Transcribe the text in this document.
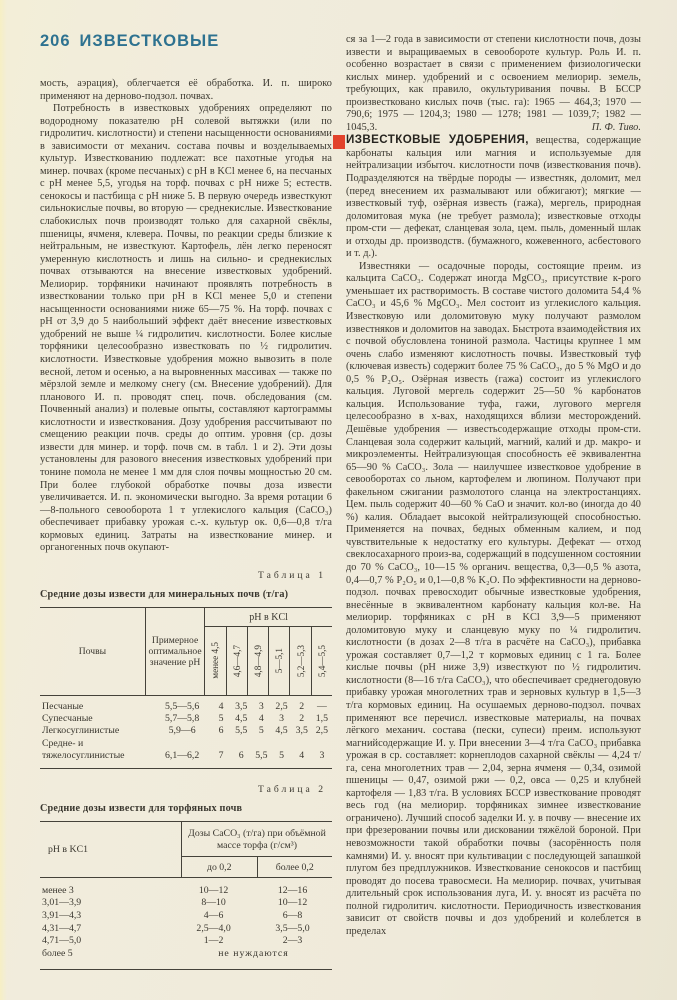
206 ИЗВЕСТКОВЫЕ

мость, аэрация), облегчается её обработка. И. п. широко применяют на дерново-подзол. почвах.

Потребность в известковых удобрениях определяют по водородному показателю pH солевой вытяжки (или по гидролитич. кислотности) и степени насыщенности основаниями в зависимости от механич. состава почвы и возделываемых культур. Известкованию подлежат: все пахотные угодья на минер. почвах (кроме песчаных) с pH в KCl менее 6, на песчаных с pH менее 5,5, угодья на торф. почвах с pH ниже 5; естеств. сенокосы и пастбища с pH ниже 5. В первую очередь известкуют сильнокислые почвы, во вторую — среднекислые. Известкование слабокислых почв производят только для сахарной свёклы, пшеницы, ячменя, клевера. Почвы, по реакции среды близкие к нейтральным, не известкуют. Картофель, лён легко переносят умеренную кислотность и лишь на сильно- и среднекислых почвах отзываются на внесение известковых удобрений. Мелиорир. торфяники начинают проявлять потребность в известковании только при pH в KCl менее 5,0 и степени насыщенности основаниями ниже 65—75 %. На торф. почвах с pH от 3,9 до 5 наибольший эффект даёт внесение известковых удобрений не выше ¼ гидролитич. кислотности. Более кислые торфяники целесообразно известковать по ½ гидролитич. кислотности. Известковые удобрения можно вывозить в поле весной, летом и осенью, а на выровненных массивах — также по мёрзлой земле и мелкому снегу (см. Внесение удобрений). Для планового И. п. проводят спец. почв. обследования (см. Почвенный анализ) и полевые опыты, составляют картограммы кислотности и известкования. Дозу удобрения рассчитывают по смещению реакции почв. среды до оптим. уровня (ср. дозы извести для минер. и торф. почв см. в табл. 1 и 2). Эти дозы установлены для разового внесения известковых удобрений при тонине помола не менее 1 мм для слоя почвы мощностью 20 см. При более глубокой обработке почвы доза извести увеличивается. И. п. экономически выгодно. За время ротации 6—8-польного севооборота 1 т углекислого кальция (CaCO₃) обеспечивает прибавку урожая с.-х. культур ок. 0,6—0,8 т/га кормовых единиц. Затраты на известкование минер. и органогенных почв окупают-

Таблица 1
Средние дозы извести для минеральных почв (т/га)
Почвы
Примерное оптимальное значение pH
pH в KCl
менее 4,5 4,6—4,7 4,8—4,9 5—5,1 5,2—5,3 5,4—5,5
Песчаные	5,5—5,6	4	3,5	3	2,5	2	—
Супесчаные	5,7—5,8	5	4,5	4	3	2	1,5
Легкосуглинистые	5,9—6	6	5,5	5	4,5 3,5 2,5
Средне- и тяжелосуглинистые	6,1—6,2	7	6	5,5	5	4	3
Таблица 2
Средние дозы извести для торфяных почв
pH в KC1
Дозы CaCO₃ (т/га) при объёмной массе торфа (г/см³)
до 0,2	более 0,2
менее 3	10—12	12—16
3,01—3,9	8—10	10—12
3,91—4,3	4—6	6—8
4,31—4,7	2,5—4,0	3,5—5,0
4,71—5,0	1—2	2—3
более 5	не нуждаются

ся за 1—2 года в зависимости от степени кислотности почв, дозы извести и выращиваемых в севообороте культур. Роль И. п. особенно возрастает в связи с применением физиологически кислых минер. удобрений и с освоением мелиорир. земель, требующих, как правило, окультуривания почвы. В БССР произвестковано кислых почв (тыс. га): 1965 — 464,3; 1970 — 790,6; 1975 — 1204,3; 1980 — 1278; 1981 — 1039,7; 1982 — 1045,3.	П. Ф. Тиво.

ИЗВЕСТКОВЫЕ УДОБРЕНИЯ, вещества, содержащие карбонаты кальция или магния и используемые для нейтрализации избыточ. кислотности почв (известкования почв). Подразделяются на твёрдые породы — известняк, доломит, мел (перед внесением их размалывают или обжигают); мягкие — известковый туф, озёрная известь (гажа), мергель, природная доломитовая мука (не требует размола); известковые отходы пром-сти — дефекат, сланцевая зола, цем. пыль, доменный шлак и отходы др. производств. (бумажного, кожевенного, асбестового и т. д.).

Известняки — осадочные породы, состоящие преим. из кальцита CaCO₃. Содержат иногда MgCO₃, присутствие к-рого уменьшает их растворимость. В составе чистого доломита 54,4 % CaCO₃ и 45,6 % MgCO₃. Мел состоит из углекислого кальция. Известковую или доломитовую муку получают размолом известняков и доломитов на заводах. Быстрота взаимодействия их с почвой обусловлена тониной размола. Частицы крупнее 1 мм очень слабо изменяют кислотность почвы. Известковый туф (ключевая известь) содержит более 75 % CaCO₃, до 5 % MgO и до 0,5 % P₂O₅. Озёрная известь (гажа) состоит из углекислого кальция. Луговой мергель содержит 25—50 % карбонатов кальция. Использование туфа, гажи, лугового мергеля целесообразно в х-вах, находящихся вблизи месторождений. Дешёвые удобрения — известьсодержащие отходы пром-сти. Сланцевая зола содержит кальций, магний, калий и др. макро- и микроэлементы. Нейтрализующая способность её эквивалентна 65—90 % CaCO₃. Зола — наилучшее известковое удобрение в севооборотах со льном, картофелем и люпином. Получают при факельном сжигании размолотого сланца на электростанциях. Цем. пыль содержит 40—60 % CaO и значит. кол-во (иногда до 40 %) калия. Обладает высокой нейтрализующей способностью. Применяется на почвах, бедных обменным калием, и под чувствительные к недостатку его культуры. Дефекат — отход свеклосахарного произ-ва, содержащий в подсушенном состоянии до 70 % CaCO₃, 10—15 % органич. вещества, 0,3—0,5 % азота, 0,4—0,7 % P₂O₅ и 0,1—0,8 % K₂O. По эффективности на дерново-подзол. почвах превосходит обычные известковые удобрения, внесённые в эквивалентном карбонату кальция кол-ве. На мелиорир. торфяниках с pH в KCl 3,9—5 применяют доломитовую муку и сланцевую муку по ¼ гидролитич. кислотности (в дозах 2—8 т/га в расчёте на CaCO₃), прибавка урожая составляет 0,7—1,2 т кормовых единиц с 1 га. Более кислые почвы (pH ниже 3,9) известкуют по ½ гидролитич. кислотности (8—16 т/га CaCO₃), что обеспечивает среднегодовую прибавку урожая многолетних трав и зерновых культур в 1,5—3 т/га кормовых единиц. На осушаемых дерново-подзол. почвах применяют все перечисл. известковые материалы, на почвах лёгкого механич. состава (пески, супеси) преим. используют магнийсодержащие И. у. При внесении 3—4 т/га CaCO₃ прибавка урожая в ср. составляет: корнеплодов сахарной свёклы — 4,24 т/га, сена многолетних трав — 2,04, зерна ячменя — 0,34, озимой пшеницы — 0,47, озимой ржи — 0,2, овса — 0,25 и клубней картофеля — 1,83 т/га. В условиях БССР известкование проводят весь год (на мелиорир. торфяниках зимнее известкование ограничено). Лучший способ заделки И. у. в почву — внесение их при фрезеровании почвы или дисковании тяжёлой бороной. При невозможности такой обработки почвы (засорённость поля камнями) И. у. вносят при культивации с последующей запашкой плугом без предплужников. Известкование сенокосов и пастбищ проводят до посева травосмеси. На мелиорир. почвах, учитывая длительный срок использования луга, И. у. вносят из расчёта по полной гидролитич. кислотности. Периодичность известкования зависит от свойств почвы и доз удобрений и колеблется в пределах
